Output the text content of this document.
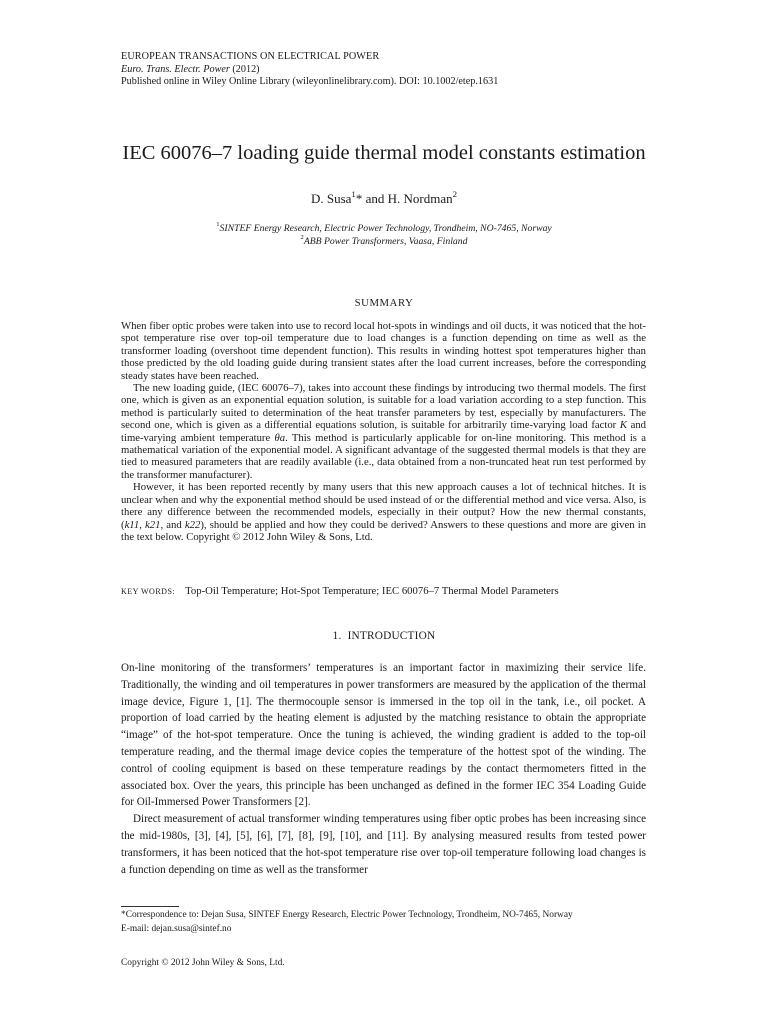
EUROPEAN TRANSACTIONS ON ELECTRICAL POWER
Euro. Trans. Electr. Power (2012)
Published online in Wiley Online Library (wileyonlinelibrary.com). DOI: 10.1002/etep.1631
IEC 60076–7 loading guide thermal model constants estimation
D. Susa$^1$* and H. Nordman$^2$
$^1$SINTEF Energy Research, Electric Power Technology, Trondheim, NO-7465, Norway
$^2$ABB Power Transformers, Vaasa, Finland
SUMMARY

When fiber optic probes were taken into use to record local hot-spots in windings and oil ducts, it was noticed that the hot-spot temperature rise over top-oil temperature due to load changes is a function depending on time as well as the transformer loading (overshoot time dependent function). This results in winding hottest spot temperatures higher than those predicted by the old loading guide during transient states after the load current increases, before the corresponding steady states have been reached.

The new loading guide, (IEC 60076–7), takes into account these findings by introducing two thermal models. The first one, which is given as an exponential equation solution, is suitable for a load variation according to a step function. This method is particularly suited to determination of the heat transfer parameters by test, especially by manufacturers. The second one, which is given as a differential equations solution, is suitable for arbitrarily time-varying load factor K and time-varying ambient temperature θa. This method is particularly applicable for on-line monitoring. This method is a mathematical variation of the exponential model. A significant advantage of the suggested thermal models is that they are tied to measured parameters that are readily available (i.e., data obtained from a non-truncated heat run test performed by the transformer manufacturer).

However, it has been reported recently by many users that this new approach causes a lot of technical hitches. It is unclear when and why the exponential method should be used instead of or the differential method and vice versa. Also, is there any difference between the recommended models, especially in their output? How the new thermal constants, (k11, k21, and k22), should be applied and how they could be derived? Answers to these questions and more are given in the text below. Copyright © 2012 John Wiley & Sons, Ltd.

KEY WORDS: Top-Oil Temperature; Hot-Spot Temperature; IEC 60076–7 Thermal Model Parameters
1.  INTRODUCTION

On-line monitoring of the transformers’ temperatures is an important factor in maximizing their service life. Traditionally, the winding and oil temperatures in power transformers are measured by the application of the thermal image device, Figure 1, [1]. The thermocouple sensor is immersed in the top oil in the tank, i.e., oil pocket. A proportion of load carried by the heating element is adjusted by the matching resistance to obtain the appropriate “image” of the hot-spot temperature. Once the tuning is achieved, the winding gradient is added to the top-oil temperature reading, and the thermal image device copies the temperature of the hottest spot of the winding. The control of cooling equipment is based on these temperature readings by the contact thermometers fitted in the associated box. Over the years, this principle has been unchanged as defined in the former IEC 354 Loading Guide for Oil-Immersed Power Transformers [2].

Direct measurement of actual transformer winding temperatures using fiber optic probes has been increasing since the mid-1980s, [3], [4], [5], [6], [7], [8], [9], [10], and [11]. By analysing measured results from tested power transformers, it has been noticed that the hot-spot temperature rise over top-oil temperature following load changes is a function depending on time as well as the transformer

*Correspondence to: Dejan Susa, SINTEF Energy Research, Electric Power Technology, Trondheim, NO-7465, Norway
E-mail: dejan.susa@sintef.no
Copyright © 2012 John Wiley & Sons, Ltd.
